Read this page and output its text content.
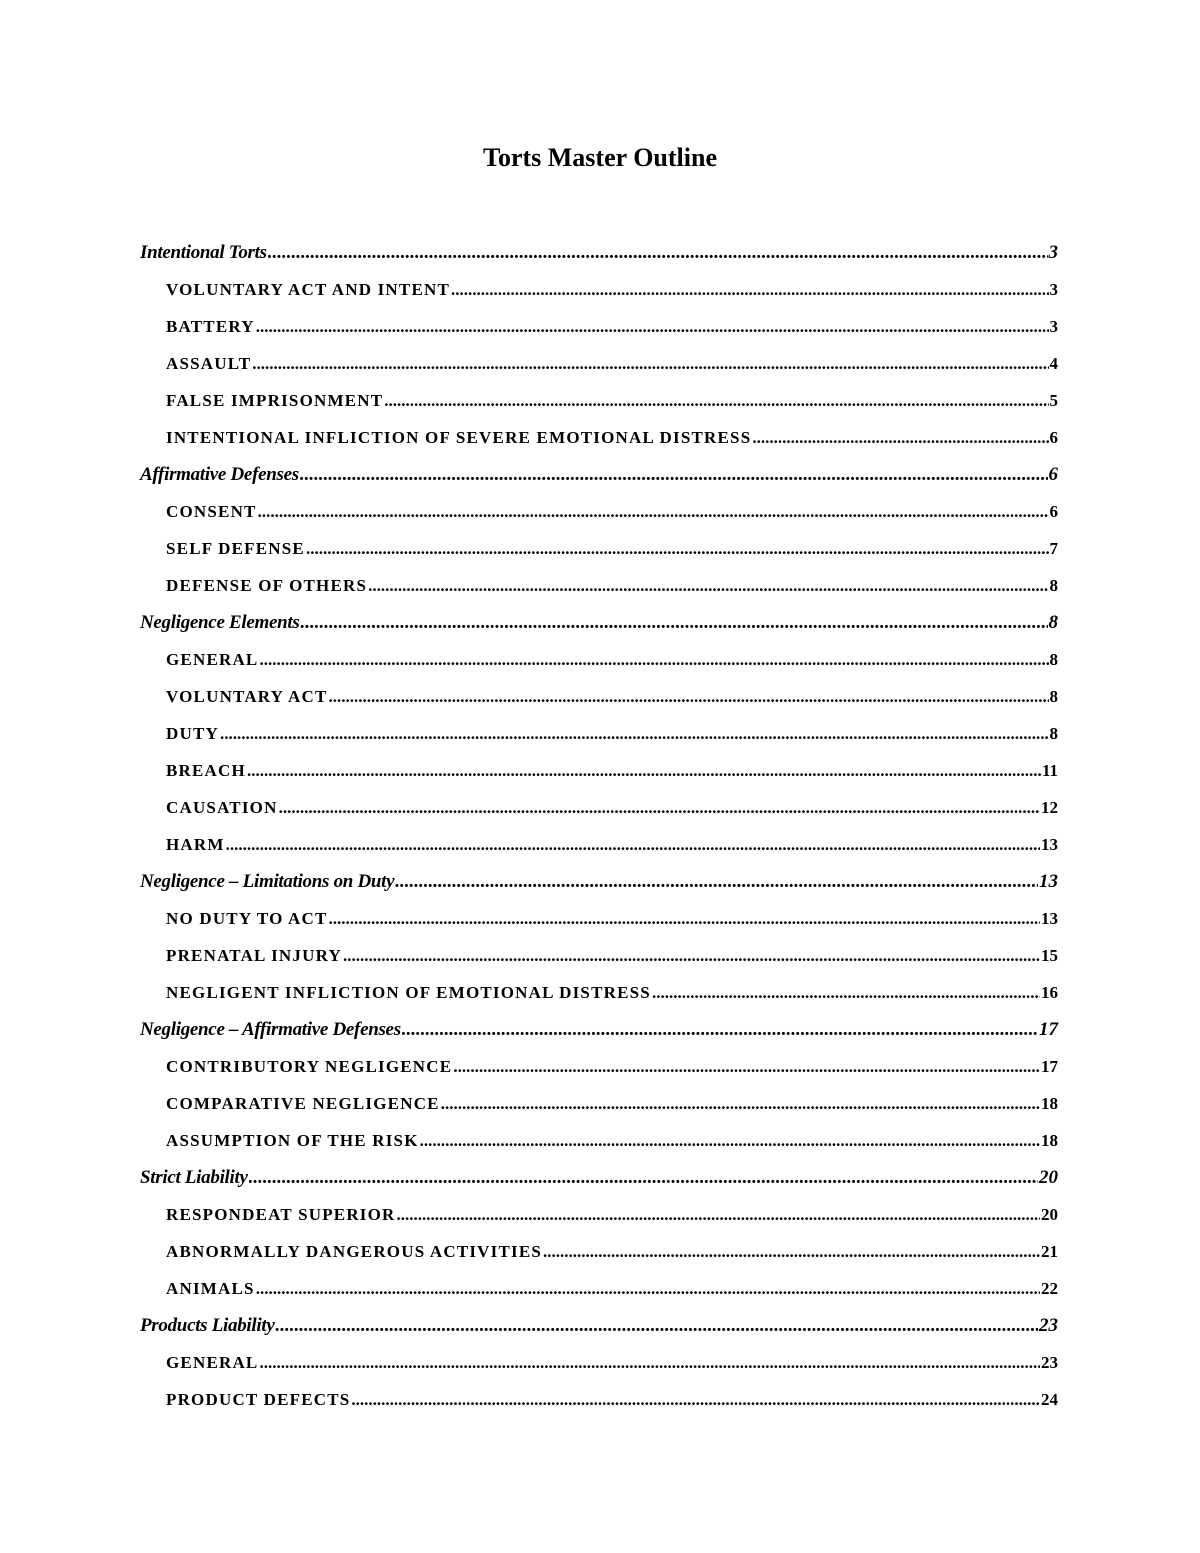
Torts Master Outline
Intentional Torts .....	3
VOLUNTARY ACT AND INTENT .....	3
BATTERY .....	3
ASSAULT .....	4
FALSE IMPRISONMENT .....	5
INTENTIONAL INFLICTION OF SEVERE EMOTIONAL DISTRESS .....	6
Affirmative Defenses .....	6
CONSENT .....	6
SELF DEFENSE .....	7
DEFENSE OF OTHERS .....	8
Negligence Elements .....	8
GENERAL .....	8
VOLUNTARY ACT .....	8
DUTY .....	8
BREACH .....	11
CAUSATION .....	12
HARM .....	13
Negligence – Limitations on Duty .....	13
NO DUTY TO ACT .....	13
PRENATAL INJURY .....	15
NEGLIGENT INFLICTION OF EMOTIONAL DISTRESS .....	16
Negligence – Affirmative Defenses .....	17
CONTRIBUTORY NEGLIGENCE .....	17
COMPARATIVE NEGLIGENCE .....	18
ASSUMPTION OF THE RISK .....	18
Strict Liability .....	20
RESPONDEAT SUPERIOR .....	20
ABNORMALLY DANGEROUS ACTIVITIES .....	21
ANIMALS .....	22
Products Liability .....	23
GENERAL .....	23
PRODUCT DEFECTS .....	24
